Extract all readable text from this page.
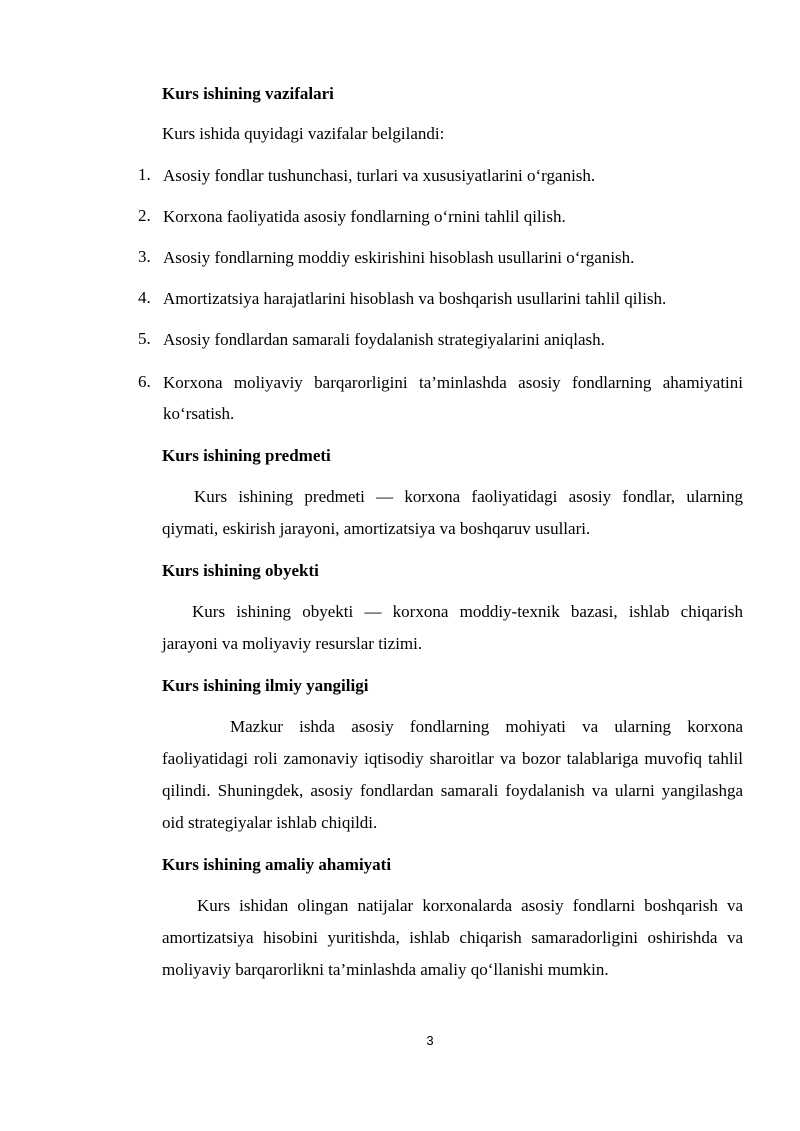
Kurs ishining vazifalari
Kurs ishida quyidagi vazifalar belgilandi:
1. Asosiy fondlar tushunchasi, turlari va xususiyatlarini o‘rganish.
2. Korxona faoliyatida asosiy fondlarning o‘rnini tahlil qilish.
3. Asosiy fondlarning moddiy eskirishini hisoblash usullarini o‘rganish.
4. Amortizatsiya harajatlarini hisoblash va boshqarish usullarini tahlil qilish.
5. Asosiy fondlardan samarali foydalanish strategiyalarini aniqlash.
6. Korxona moliyaviy barqarorligini ta’minlashda asosiy fondlarning ahamiyatini ko‘rsatish.
Kurs ishining predmeti
Kurs ishining predmeti — korxona faoliyatidagi asosiy fondlar, ularning qiymati, eskirish jarayoni, amortizatsiya va boshqaruv usullari.
Kurs ishining obyekti
Kurs ishining obyekti — korxona moddiy-texnik bazasi, ishlab chiqarish jarayoni va moliyaviy resurslar tizimi.
Kurs ishining ilmiy yangiligi
Mazkur ishda asosiy fondlarning mohiyati va ularning korxona faoliyatidagi roli zamonaviy iqtisodiy sharoitlar va bozor talablariga muvofiq tahlil qilindi. Shuningdek, asosiy fondlardan samarali foydalanish va ularni yangilashga oid strategiyalar ishlab chiqildi.
Kurs ishining amaliy ahamiyati
Kurs ishidan olingan natijalar korxonalarda asosiy fondlarni boshqarish va amortizatsiya hisobini yuritishda, ishlab chiqarish samaradorligini oshirishda va moliyaviy barqarorlikni ta’minlashda amaliy qo‘llanishi mumkin.
3
